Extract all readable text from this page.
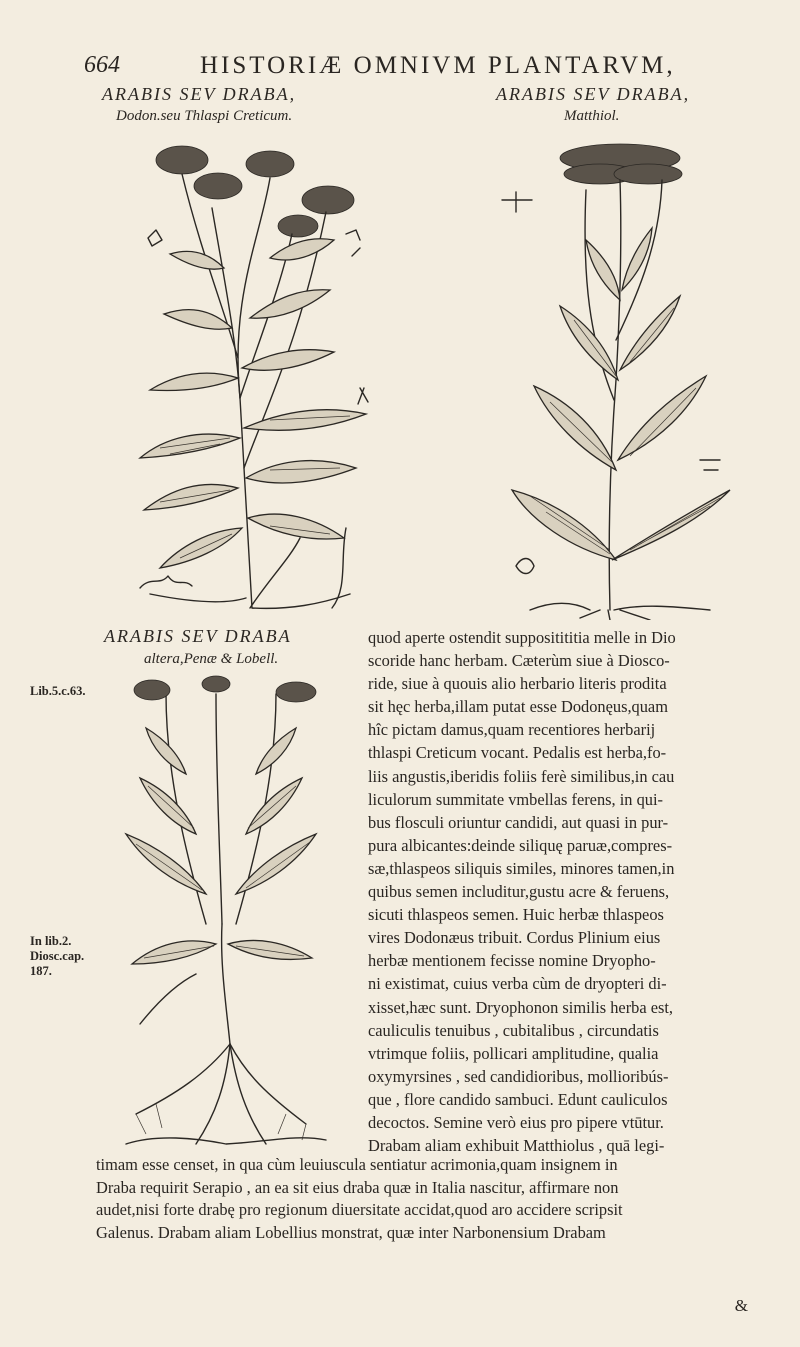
664	HISTORIÆ OMNIVM PLANTARVM,
ARABIS SEV DRABA,
Dodon.seu Thlaspi Creticum.
ARABIS SEV DRABA,
Matthiol.
ARABIS SEV DRABA
altera,Penæ & Lobell.
Lib.5.c.63.
In lib.2.
Diosc.cap.
187.
quod aperte ostendit suppositititia melle in Dio
scoride hanc herbam. Cæterùm siue à Diosco-
ride, siue à quouis alio herbario literis prodita
sit hęc herba,illam putat esse Dodonęus,quam
hîc pictam damus,quam recentiores herbarij
thlaspi Creticum vocant. Pedalis est herba,fo-
liis angustis,iberidis foliis ferè similibus,in cau
liculorum summitate vmbellas ferens, in qui-
bus flosculi oriuntur candidi, aut quasi in pur-
pura albicantes:deinde siliquę paruæ,compres-
sæ,thlaspeos siliquis similes, minores tamen,in
quibus semen includitur,gustu acre & feruens,
sicuti thlaspeos semen. Huic herbæ thlaspeos
vires Dodonæus tribuit. Cordus Plinium eius
herbæ mentionem fecisse nomine Dryopho-
ni existimat, cuius verba cùm de dryopteri di-
xisset,hæc sunt. Dryophonon similis herba est,
cauliculis tenuibus , cubitalibus , circundatis
vtrimque foliis, pollicari amplitudine, qualia
oxymyrsines , sed candidioribus, mollioribús-
que , flore candido sambuci. Edunt cauliculos
decoctos. Semine verò eius pro pipere vtūtur.
Drabam aliam exhibuit Matthiolus , quā legi-
timam esse censet, in qua cùm leuiuscula sentiatur acrimonia,quam insignem in
Draba requirit Serapio , an ea sit eius draba quæ in Italia nascitur, affirmare non
audet,nisi forte drabę pro regionum diuersitate accidat,quod aro accidere scripsit
Galenus. Drabam aliam Lobellius monstrat, quæ inter Narbonensium Drabam
&
